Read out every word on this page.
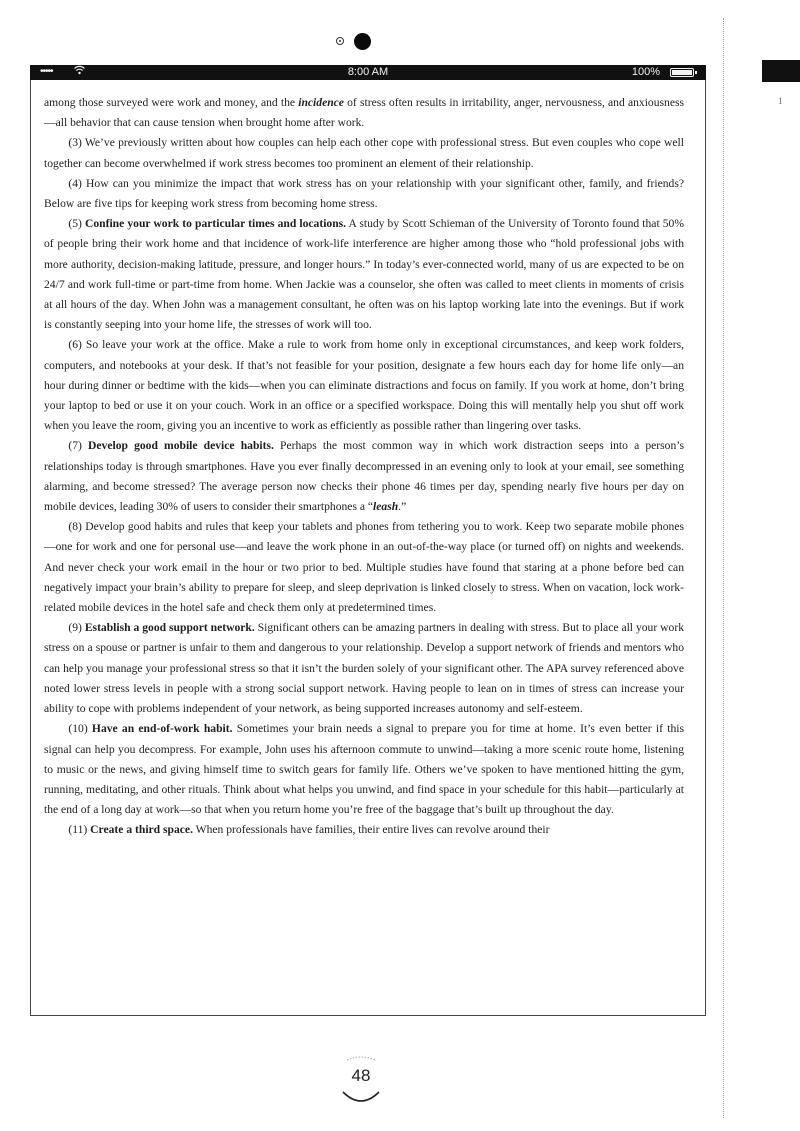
•••••	8:00 AM	100%
1

among those surveyed were work and money, and the incidence of stress often results in irritability, anger, nervousness, and anxiousness—all behavior that can cause tension when brought home after work.

(3) We’ve previously written about how couples can help each other cope with professional stress. But even couples who cope well together can become overwhelmed if work stress becomes too prominent an element of their relationship.

(4) How can you minimize the impact that work stress has on your relationship with your significant other, family, and friends? Below are five tips for keeping work stress from becoming home stress.

(5) Confine your work to particular times and locations. A study by Scott Schieman of the University of Toronto found that 50% of people bring their work home and that incidence of work-life interference are higher among those who “hold professional jobs with more authority, decision-making latitude, pressure, and longer hours.” In today’s ever-connected world, many of us are expected to be on 24/7 and work full-time or part-time from home. When Jackie was a counselor, she often was called to meet clients in moments of crisis at all hours of the day. When John was a management consultant, he often was on his laptop working late into the evenings. But if work is constantly seeping into your home life, the stresses of work will too.

(6) So leave your work at the office. Make a rule to work from home only in exceptional circumstances, and keep work folders, computers, and notebooks at your desk. If that’s not feasible for your position, designate a few hours each day for home life only—an hour during dinner or bedtime with the kids—when you can eliminate distractions and focus on family. If you work at home, don’t bring your laptop to bed or use it on your couch. Work in an office or a specified workspace. Doing this will mentally help you shut off work when you leave the room, giving you an incentive to work as efficiently as possible rather than lingering over tasks.

(7) Develop good mobile device habits. Perhaps the most common way in which work distraction seeps into a person’s relationships today is through smartphones. Have you ever finally decompressed in an evening only to look at your email, see something alarming, and become stressed? The average person now checks their phone 46 times per day, spending nearly five hours per day on mobile devices, leading 30% of users to consider their smartphones a “leash.”

(8) Develop good habits and rules that keep your tablets and phones from tethering you to work. Keep two separate mobile phones—one for work and one for personal use—and leave the work phone in an out-of-the-way place (or turned off) on nights and weekends. And never check your work email in the hour or two prior to bed. Multiple studies have found that staring at a phone before bed can negatively impact your brain’s ability to prepare for sleep, and sleep deprivation is linked closely to stress. When on vacation, lock work-related mobile devices in the hotel safe and check them only at predetermined times.

(9) Establish a good support network. Significant others can be amazing partners in dealing with stress. But to place all your work stress on a spouse or partner is unfair to them and dangerous to your relationship. Develop a support network of friends and mentors who can help you manage your professional stress so that it isn’t the burden solely of your significant other. The APA survey referenced above noted lower stress levels in people with a strong social support network. Having people to lean on in times of stress can increase your ability to cope with problems independent of your network, as being supported increases autonomy and self-esteem.

(10) Have an end-of-work habit. Sometimes your brain needs a signal to prepare you for time at home. It’s even better if this signal can help you decompress. For example, John uses his afternoon commute to unwind—taking a more scenic route home, listening to music or the news, and giving himself time to switch gears for family life. Others we’ve spoken to have mentioned hitting the gym, running, meditating, and other rituals. Think about what helps you unwind, and find space in your schedule for this habit—particularly at the end of a long day at work—so that when you return home you’re free of the baggage that’s built up throughout the day.

(11) Create a third space. When professionals have families, their entire lives can revolve around their

48
